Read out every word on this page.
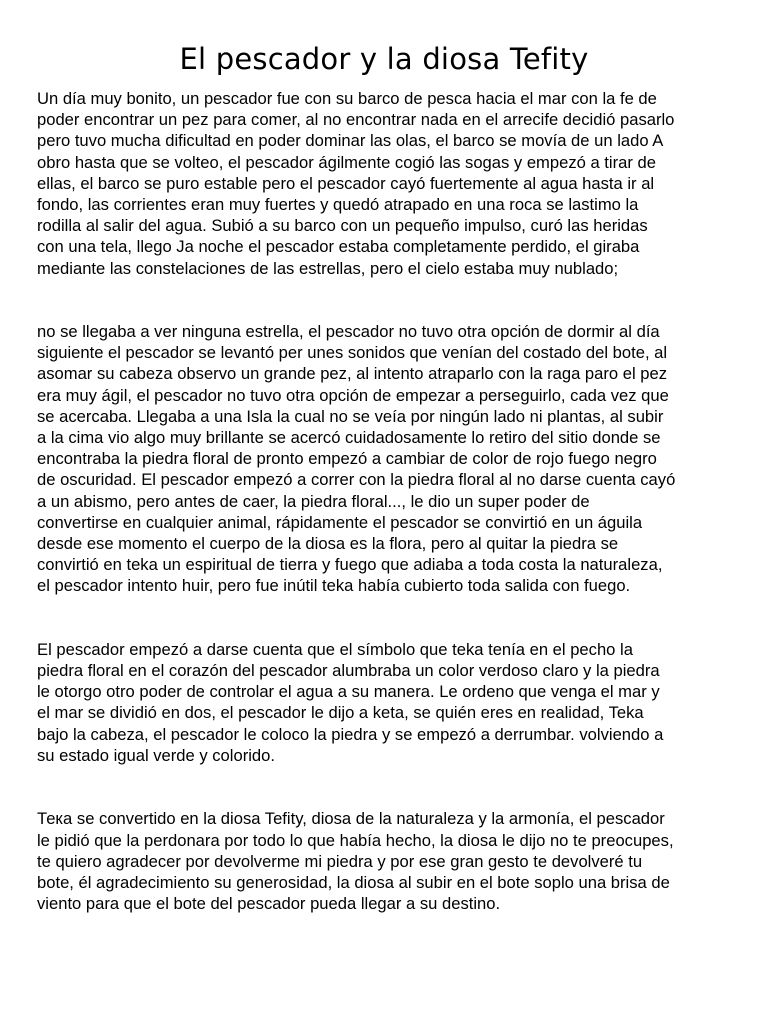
El pescador y la diosa Tefity

Un día muy bonito, un pescador fue con su barco de pesca hacia el mar con la fe de
poder encontrar un pez para comer, al no encontrar nada en el arrecife decidió pasarlo
pero tuvo mucha dificultad en poder dominar las olas, el barco se movía de un lado A
obro hasta que se volteo, el pescador ágilmente cogió las sogas y empezó a tirar de
ellas, el barco se puro estable pero el pescador cayó fuertemente al agua hasta ir al
fondo, las corrientes eran muy fuertes y quedó atrapado en una roca se lastimo la
rodilla al salir del agua. Subió a su barco con un pequeño impulso, curó las heridas
con una tela, llego Ja noche el pescador estaba completamente perdido, el giraba
mediante las constelaciones de las estrellas, pero el cielo estaba muy nublado;

no se llegaba a ver ninguna estrella, el pescador no tuvo otra opción de dormir al día
siguiente el pescador se levantó per unes sonidos que venían del costado del bote, al
asomar su cabeza observo un grande pez, al intento atraparlo con la raga paro el pez
era muy ágil, el pescador no tuvo otra opción de empezar a perseguirlo, cada vez que
se acercaba. Llegaba a una Isla la cual no se veía por ningún lado ni plantas, al subir
a la cima vio algo muy brillante se acercó cuidadosamente lo retiro del sitio donde se
encontraba la piedra floral de pronto empezó a cambiar de color de rojo fuego negro
de oscuridad. El pescador empezó a correr con la piedra floral al no darse cuenta cayó
a un abismo, pero antes de caer, la piedra floral..., le dio un super poder de
convertirse en cualquier animal, rápidamente el pescador se convirtió en un águila
desde ese momento el cuerpo de la diosa es la flora, pero al quitar la piedra se
convirtió en teka un espiritual de tierra y fuego que adiaba a toda costa la naturaleza,
el pescador intento huir, pero fue inútil teka había cubierto toda salida con fuego.

El pescador empezó a darse cuenta que el símbolo que teka tenía en el pecho la
piedra floral en el corazón del pescador alumbraba un color verdoso claro y la piedra
le otorgo otro poder de controlar el agua a su manera. Le ordeno que venga el mar y
el mar se dividió en dos, el pescador le dijo a keta, se quién eres en realidad, Teka
bajo la cabeza, el pescador le coloco la piedra y se empezó a derrumbar. volviendo a
su estado igual verde y colorido.

Тека se convertido en la diosa Tefity, diosa de la naturaleza y la armonía, el pescador
le pidió que la perdonara por todo lo que había hecho, la diosa le dijo no te preocupes,
te quiero agradecer por devolverme mi piedra y por ese gran gesto te devolveré tu
bote, él agradecimiento su generosidad, la diosa al subir en el bote soplo una brisa de
viento para que el bote del pescador pueda llegar a su destino.
